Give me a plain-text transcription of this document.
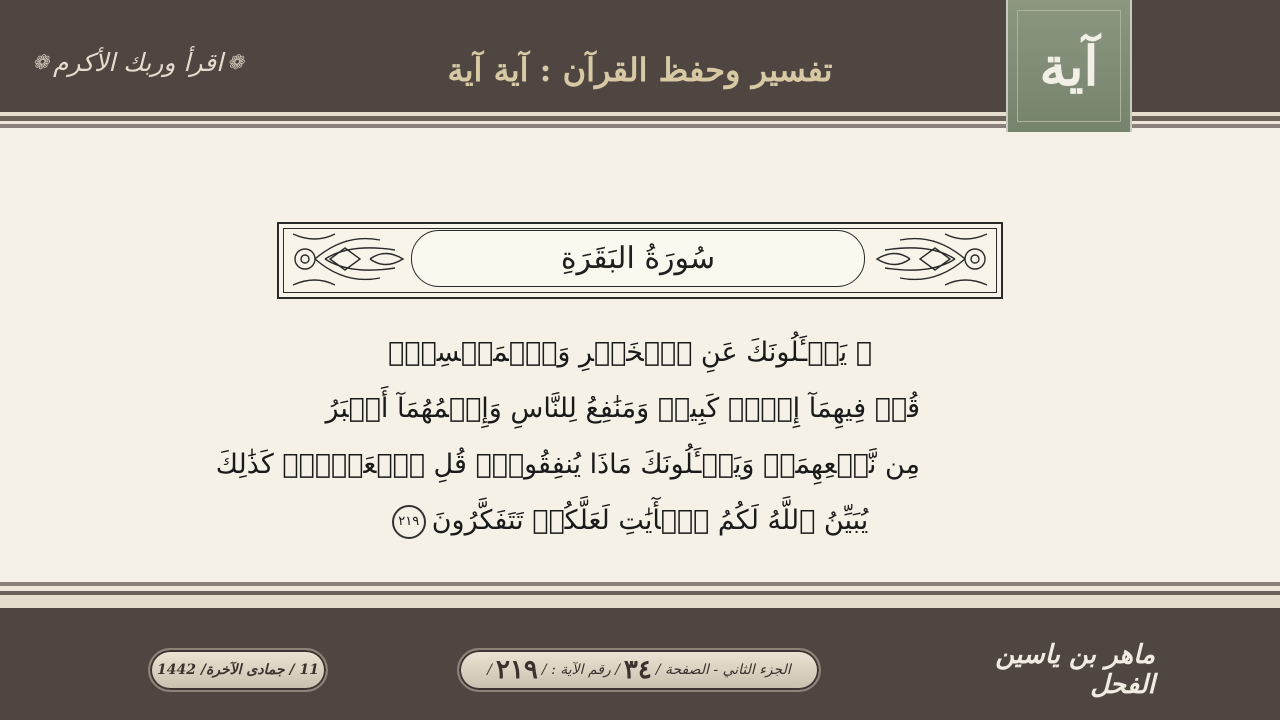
❁
اقرأ وربك الأكرم
❁	تفسير وحفظ القرآن : آية آية	آية
سُورَةُ البَقَرَةِ
۞ يَسۡـَٔلُونَكَ عَنِ ٱلۡخَمۡرِ وَٱلۡمَيۡسِرِۖ
قُلۡ فِيهِمَآ إِثۡمٞ كَبِيرٞ وَمَنَٰفِعُ لِلنَّاسِ وَإِثۡمُهُمَآ أَكۡبَرُ
مِن نَّفۡعِهِمَاۗ وَيَسۡـَٔلُونَكَ مَاذَا يُنفِقُونَۖ قُلِ ٱلۡعَفۡوَۗ كَذَٰلِكَ
يُبَيِّنُ ٱللَّهُ لَكُمُ ٱلۡأٓيَٰتِ لَعَلَّكُمۡ تَتَفَكَّرُونَ٢١٩
11 / جمادى الآخرة/ 1442	الجزء الثاني - الصفحة /
٣٤
/ رقم الآية : /
٢١٩
/	ماهر بن ياسين الفحل
